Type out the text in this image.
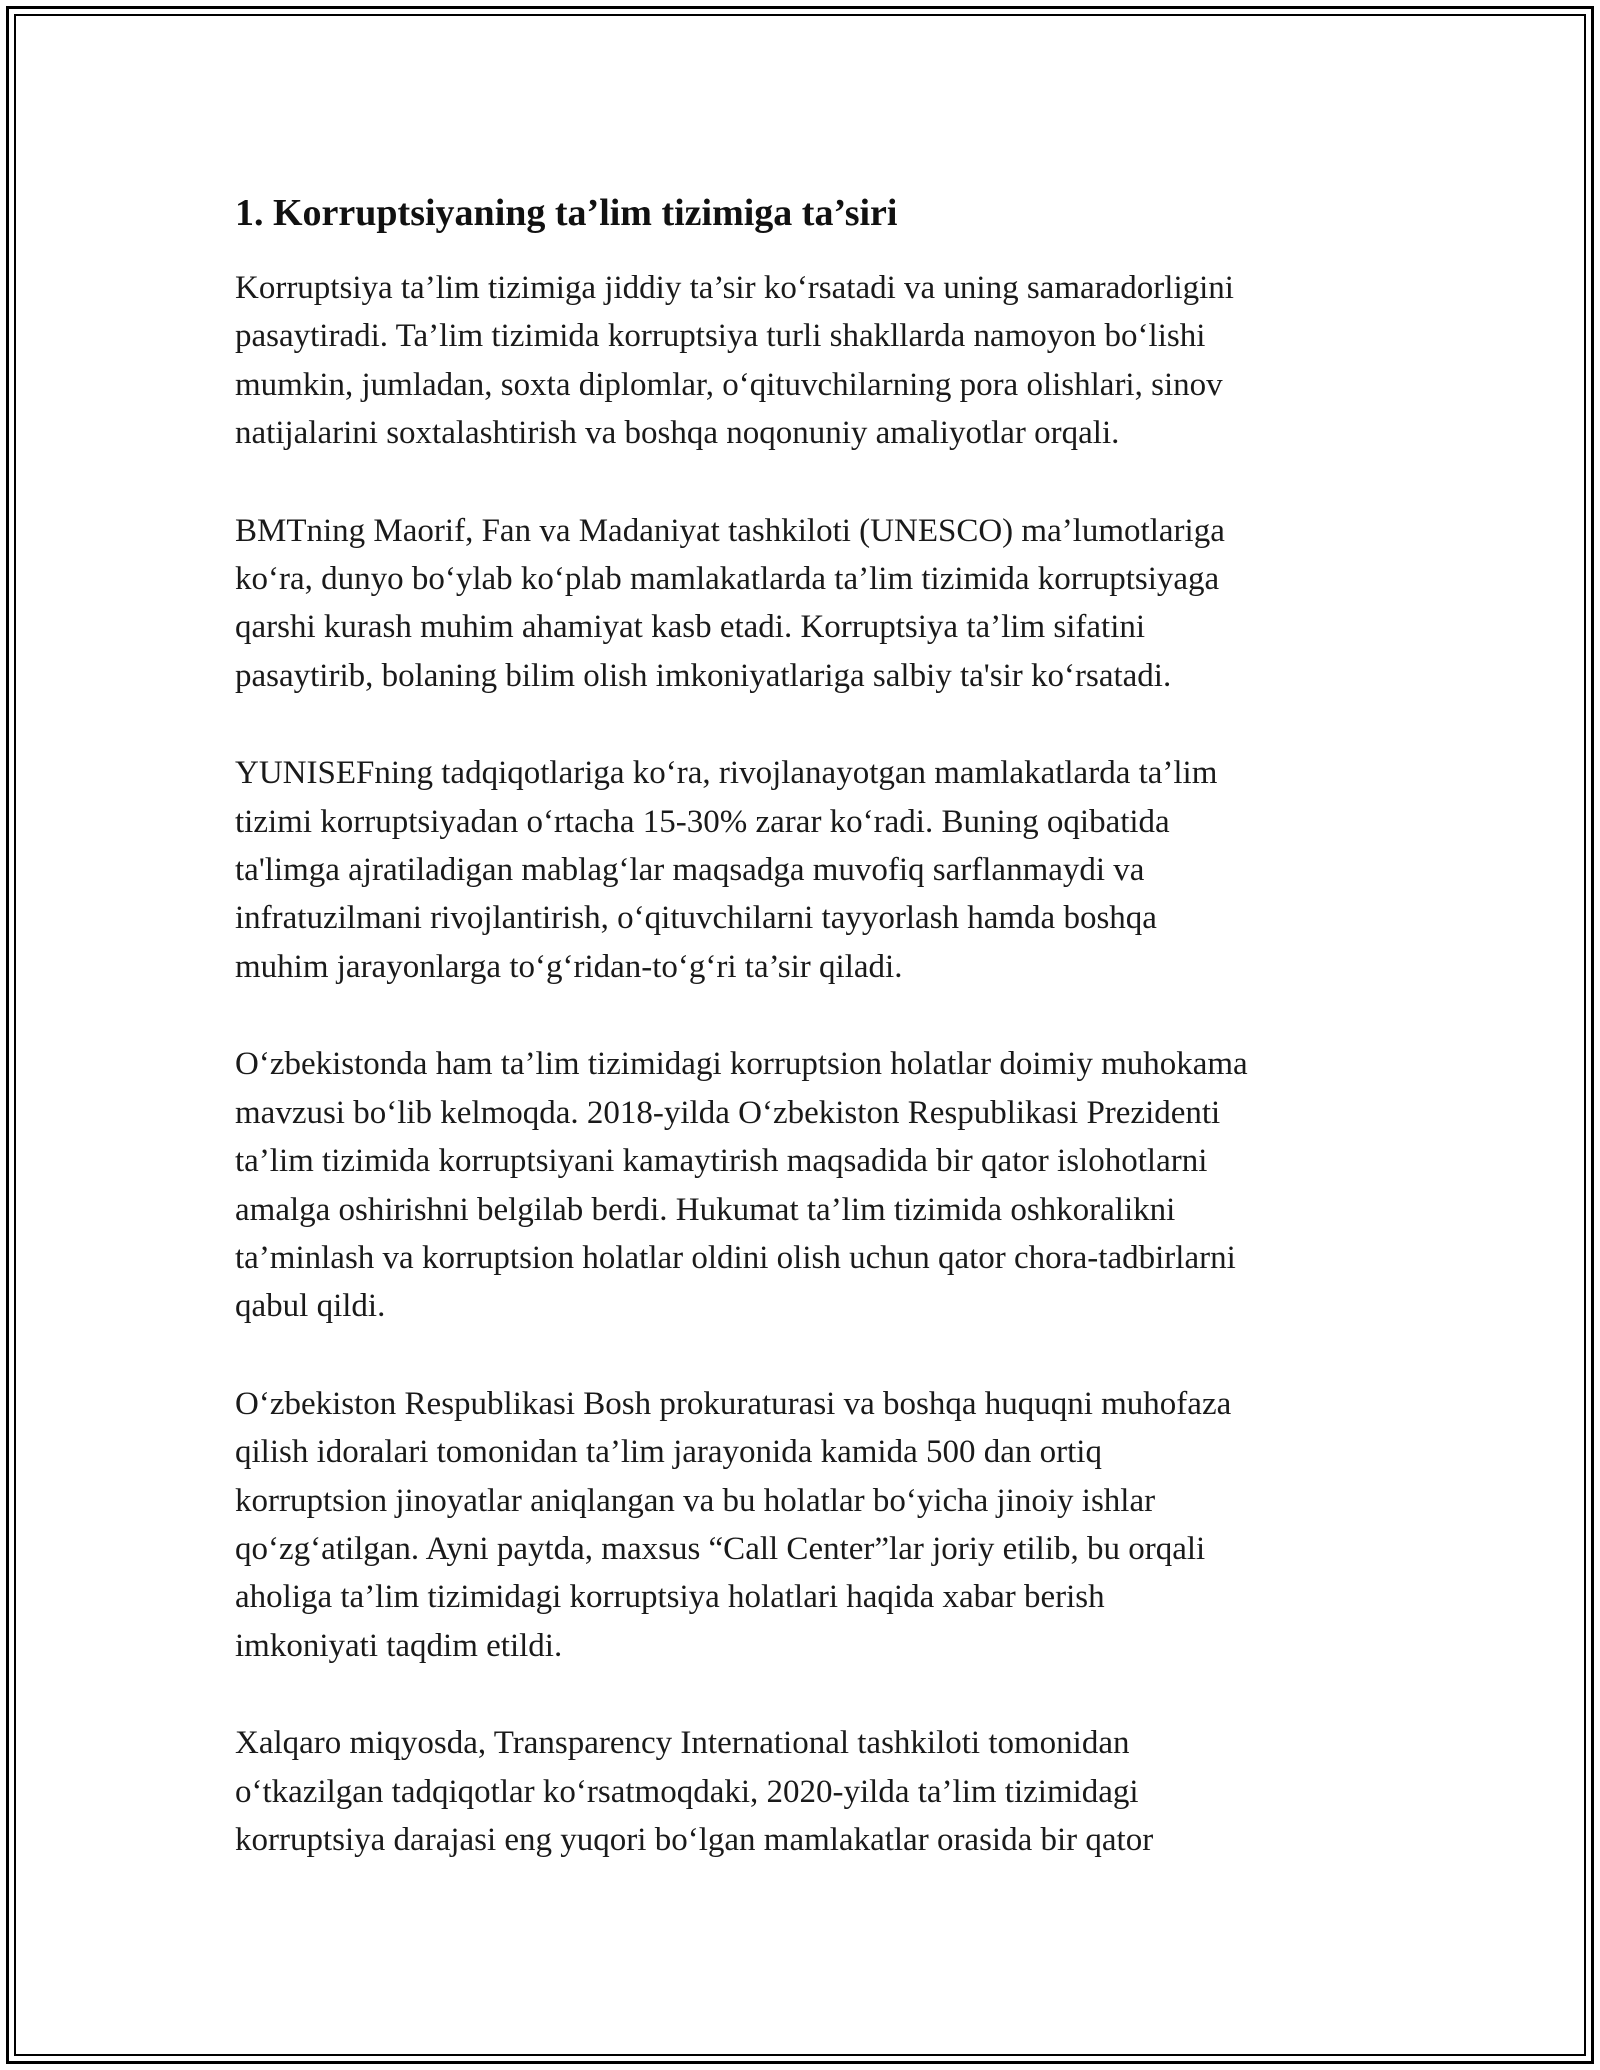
1. Korruptsiyaning ta’lim tizimiga ta’siri

Korruptsiya ta’lim tizimiga jiddiy ta’sir ko‘rsatadi va uning samaradorligini
pasaytiradi. Ta’lim tizimida korruptsiya turli shakllarda namoyon bo‘lishi
mumkin, jumladan, soxta diplomlar, o‘qituvchilarning pora olishlari, sinov
natijalarini soxtalashtirish va boshqa noqonuniy amaliyotlar orqali.

BMTning Maorif, Fan va Madaniyat tashkiloti (UNESCO) ma’lumotlariga
ko‘ra, dunyo bo‘ylab ko‘plab mamlakatlarda ta’lim tizimida korruptsiyaga
qarshi kurash muhim ahamiyat kasb etadi. Korruptsiya ta’lim sifatini
pasaytirib, bolaning bilim olish imkoniyatlariga salbiy ta'sir ko‘rsatadi.

YUNISEFning tadqiqotlariga ko‘ra, rivojlanayotgan mamlakatlarda ta’lim
tizimi korruptsiyadan o‘rtacha 15-30% zarar ko‘radi. Buning oqibatida
ta'limga ajratiladigan mablag‘lar maqsadga muvofiq sarflanmaydi va
infratuzilmani rivojlantirish, o‘qituvchilarni tayyorlash hamda boshqa
muhim jarayonlarga to‘g‘ridan-to‘g‘ri ta’sir qiladi.

O‘zbekistonda ham ta’lim tizimidagi korruptsion holatlar doimiy muhokama
mavzusi bo‘lib kelmoqda. 2018-yilda O‘zbekiston Respublikasi Prezidenti
ta’lim tizimida korruptsiyani kamaytirish maqsadida bir qator islohotlarni
amalga oshirishni belgilab berdi. Hukumat ta’lim tizimida oshkoralikni
ta’minlash va korruptsion holatlar oldini olish uchun qator chora-tadbirlarni
qabul qildi.

O‘zbekiston Respublikasi Bosh prokuraturasi va boshqa huquqni muhofaza
qilish idoralari tomonidan ta’lim jarayonida kamida 500 dan ortiq
korruptsion jinoyatlar aniqlangan va bu holatlar bo‘yicha jinoiy ishlar
qo‘zg‘atilgan. Ayni paytda, maxsus “Call Center”lar joriy etilib, bu orqali
aholiga ta’lim tizimidagi korruptsiya holatlari haqida xabar berish
imkoniyati taqdim etildi.

Xalqaro miqyosda, Transparency International tashkiloti tomonidan
o‘tkazilgan tadqiqotlar ko‘rsatmoqdaki, 2020-yilda ta’lim tizimidagi
korruptsiya darajasi eng yuqori bo‘lgan mamlakatlar orasida bir qator
